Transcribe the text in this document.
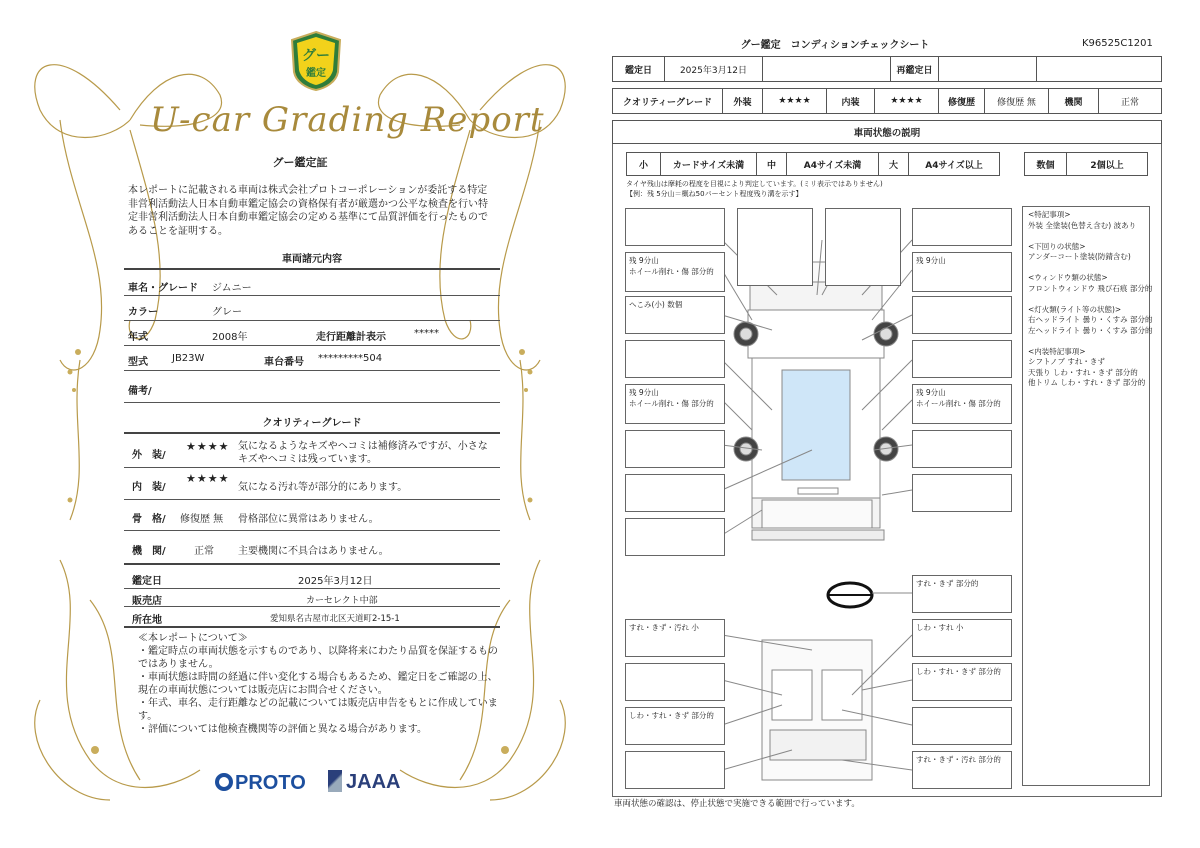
グー
鑑定
U-car Grading Report
グー鑑定証
本レポートに記載される車両は株式会社プロトコーポレーションが委託する特定非営利活動法人日本自動車鑑定協会の資格保有者が厳選かつ公平な検査を行い特定非営利活動法人日本自動車鑑定協会の定める基準にて品質評価を行ったものであることを証明する。
車両諸元内容
車名・グレード ジムニー
カラー	グレー
年式	2008年	走行距離計表示	*****
型式 JB23W	車台番号 *********504
備考/
クオリティーグレード
外　装/
★★★★ 気になるようなキズやヘコミは補修済みですが、小さなキズやヘコミは残っています。
内　装/
★★★★
気になる汚れ等が部分的にあります。
骨　格/ 修復歴 無 骨格部位に異常はありません。
機　関/	正常 主要機関に不具合はありません。
鑑定日	2025年3月12日
販売店	カーセレクト中部
所在地	愛知県名古屋市北区天道町2-15-1
≪本レポートについて≫
・鑑定時点の車両状態を示すものであり、以降将来にわたり品質を保証するものではありません。
・車両状態は時間の経過に伴い変化する場合もあるため、鑑定日をご確認の上、現在の車両状態については販売店にお問合せください。
・年式、車名、走行距離などの記載については販売店申告をもとに作成しています。
・評価については他検査機関等の評価と異なる場合があります。
PROTO	JAAA
グー鑑定　コンディションチェックシート	K96525C1201
鑑定日	2025年3月12日	再鑑定日
クオリティーグレード	外装	★★★★	内装	★★★★	修復歴	修復歴 無	機関	正常
車両状態の説明
小	カードサイズ未満	中	A4サイズ未満	大	A4サイズ以上	数個	2個以上
タイヤ残山は摩耗の程度を目視により判定しています。(ミリ表示ではありません)
【例：残 5分山＝概ね50パーセント程度残り溝を示す】
<特記事項>
外装 全塗装(色替え含む) 波あり

<下回りの状態>
アンダーコート塗装(防錆含む)

<ウィンドウ類の状態>
フロントウィンドウ 飛び石痕 部分的

<灯火類(ライト等の状態)>
右ヘッドライト 曇り・くすみ 部分的
左ヘッドライト 曇り・くすみ 部分的

<内装特記事項>
シフトノブ すれ・きず
天張り しわ・すれ・きず 部分的
他トリム しわ・すれ・きず 部分的
残 9分山
ホイール削れ・傷 部分的
へこみ(小) 数個
残 9分山
ホイール削れ・傷 部分的
残 9分山
残 9分山
ホイール削れ・傷 部分的
すれ・きず 部分的
すれ・きず・汚れ 小	しわ・すれ 小
しわ・すれ・きず 部分的
しわ・すれ・きず 部分的
すれ・きず・汚れ 部分的
車両状態の確認は、停止状態で実施できる範囲で行っています。
